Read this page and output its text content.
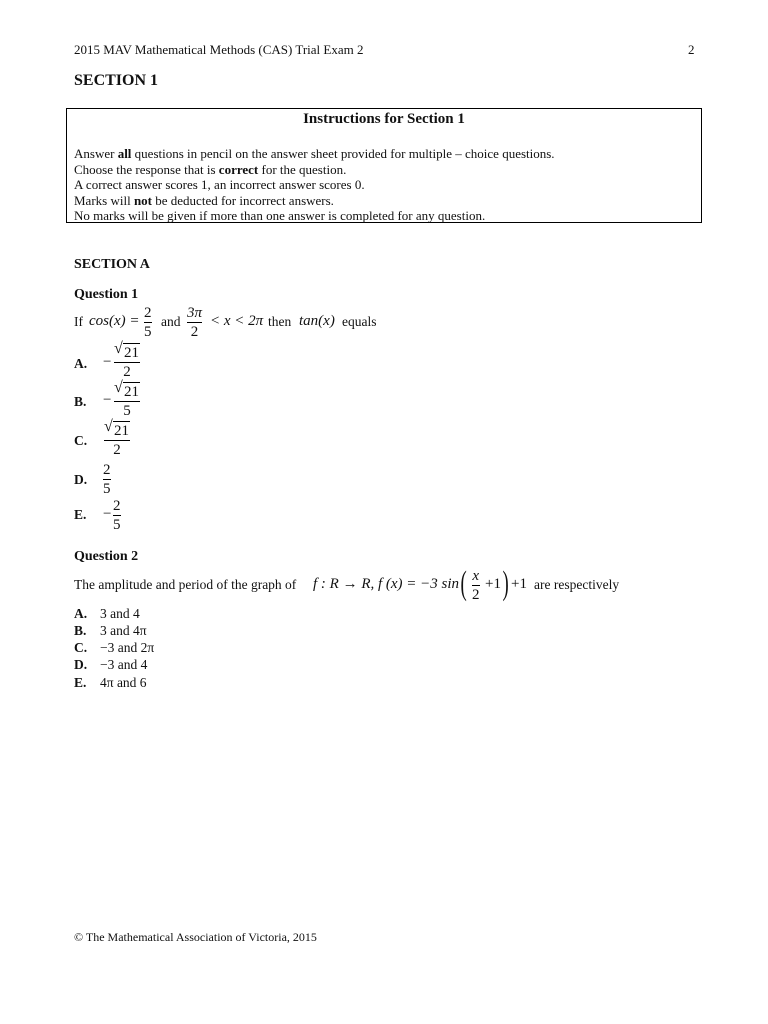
2015 MAV Mathematical Methods (CAS) Trial Exam 2	2
SECTION 1
Instructions for Section 1
Answer all questions in pencil on the answer sheet provided for multiple – choice questions.
Choose the response that is correct for the question.
A correct answer scores 1, an incorrect answer scores 0.
Marks will not be deducted for incorrect answers.
No marks will be given if more than one answer is completed for any question.
SECTION A
Question 1
If cos(x) = 2
5
and
3π
2
< x < 2π then tan(x) equals
A. −
√ 21
2
B. −
√ 21
5
C.
√ 21
2
D.
2
5
E. − 2
5
Question 2
The amplitude and period of the graph of f : R → R, f (x) = −3 sin ( x
2
+1 ) +1 are respectively
A. 3 and 4
B. 3 and 4π
C. −3 and 2π
D. −3 and 4
E. 4π and 6
© The Mathematical Association of Victoria, 2015
